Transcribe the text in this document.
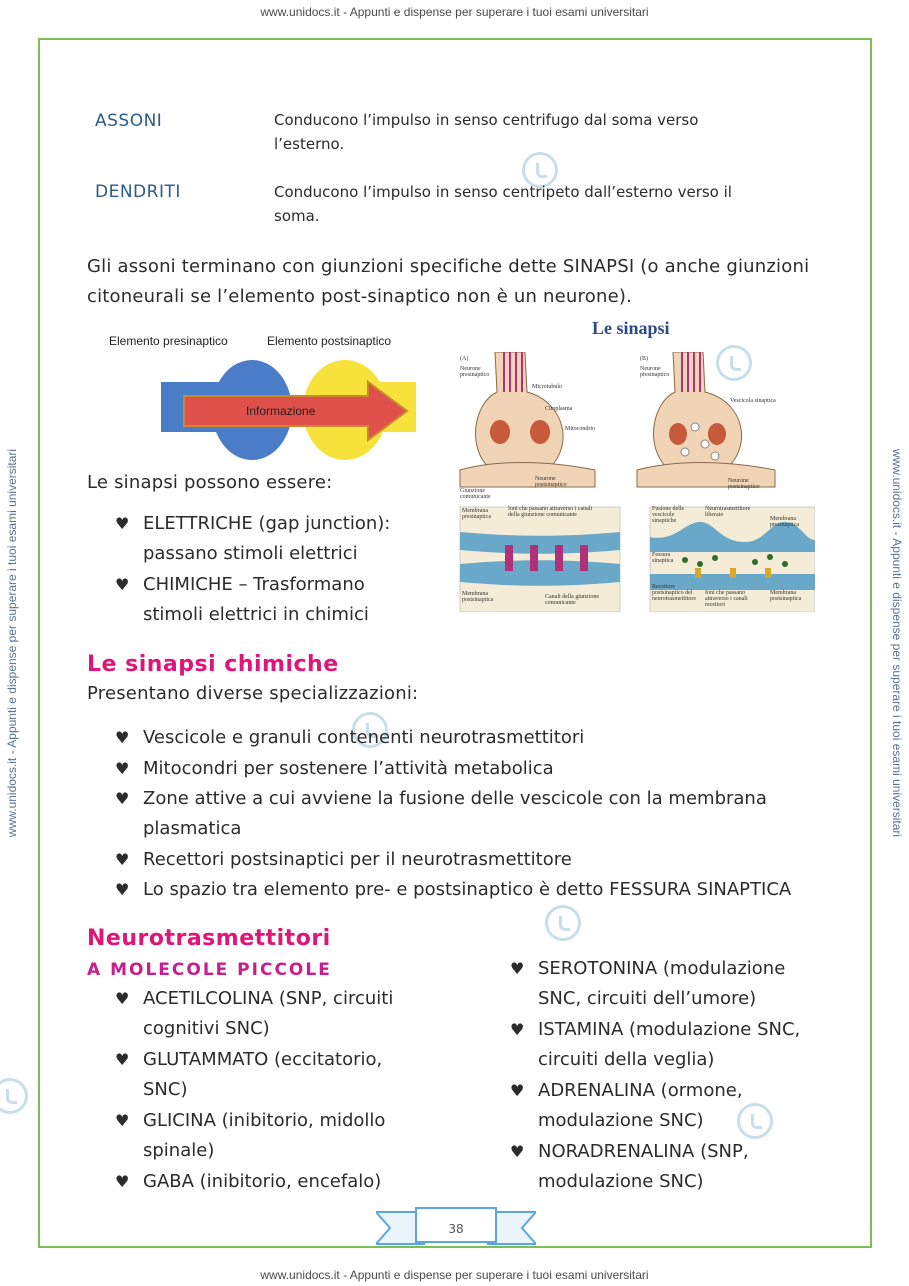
www.unidocs.it - Appunti e dispense per superare i tuoi esami universitari
www.unidocs.it - Appunti e dispense per superare i tuoi esami universitari
www.unidocs.it - Appunti e dispense per superare i tuoi esami universitari	www.unidocs.it - Appunti e dispense per superare i tuoi esami universitari
ASSONI	Conducono l’impulso in senso centrifugo dal soma verso
l’esterno.
DENDRITI	Conducono l’impulso in senso centripeto dall’esterno verso il
soma.
Gli assoni terminano con giunzioni specifiche dette SINAPSI (o anche giunzioni
citoneurali se l’elemento post-sinaptico non è un neurone).
Elemento presinaptico	Elemento postsinaptico
Informazione
Le sinapsi
(A)
Neurone presinaptico
Microtubulo
Citoplasma
Mitocondrio
Giunzione comunicante
Neurone postsinaptico
(B)
Neurone presinaptico
Vescicola sinaptica
Neurone postsinaptico
Membrana presinaptica
Ioni che passano attraverso i canali della giunzione comunicante
Membrana postsinaptica	Canali della giunzione comunicante
Fusione delle vescicole sinaptiche
Neurotrasmettitore liberato
Membrana presinaptica
Fessura sinaptica
Recettore postsinaptico del neurotrasmettitore
Ioni che passano attraverso i canali recettori
Membrana postsinaptica
Le sinapsi possono essere:
♥ ELETTRICHE (gap junction):
passano stimoli elettrici
♥ CHIMICHE – Trasformano
stimoli elettrici in chimici
Le sinapsi chimiche
Presentano diverse specializzazioni:
♥ Vescicole e granuli contenenti neurotrasmettitori
♥ Mitocondri per sostenere l’attività metabolica
♥ Zone attive a cui avviene la fusione delle vescicole con la membrana
plasmatica
♥ Recettori postsinaptici per il neurotrasmettitore
♥ Lo spazio tra elemento pre- e postsinaptico è detto FESSURA SINAPTICA
Neurotrasmettitori
A MOLECOLE PICCOLE
♥ ACETILCOLINA (SNP, circuiti
cognitivi SNC)
♥ GLUTAMMATO (eccitatorio,
SNC)
♥ GLICINA (inibitorio, midollo
spinale)
♥ GABA (inibitorio, encefalo)
♥ SEROTONINA (modulazione
SNC, circuiti dell’umore)
♥ ISTAMINA (modulazione SNC,
circuiti della veglia)
♥ ADRENALINA (ormone,
modulazione SNC)
♥ NORADRENALINA (SNP,
modulazione SNC)
38
